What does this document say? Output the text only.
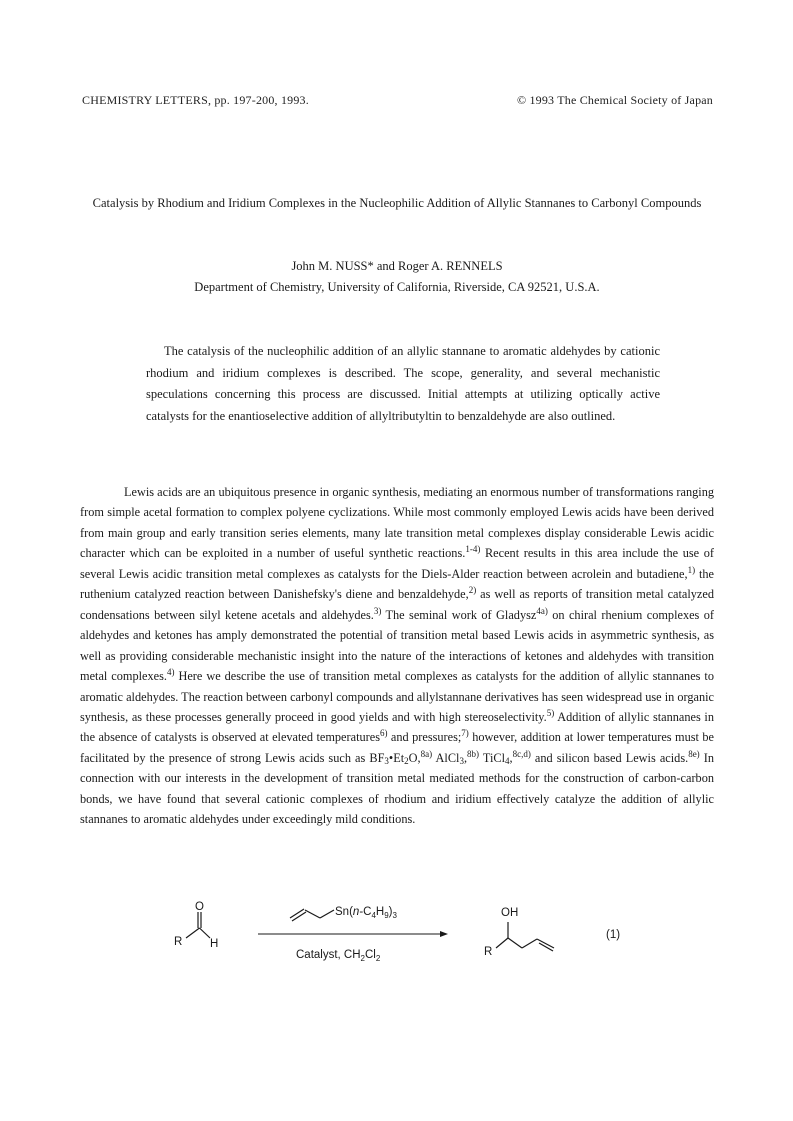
CHEMISTRY LETTERS, pp. 197-200, 1993.	© 1993 The Chemical Society of Japan
Catalysis by Rhodium and Iridium Complexes in the Nucleophilic Addition of Allylic Stannanes to Carbonyl Compounds
John M. NUSS* and Roger A. RENNELS
Department of Chemistry, University of California, Riverside, CA 92521, U.S.A.
The catalysis of the nucleophilic addition of an allylic stannane to aromatic aldehydes by cationic rhodium and iridium complexes is described. The scope, generality, and several mechanistic speculations concerning this process are discussed. Initial attempts at utilizing optically active catalysts for the enantioselective addition of allyltributyltin to benzaldehyde are also outlined.

Lewis acids are an ubiquitous presence in organic synthesis, mediating an enormous number of transformations ranging from simple acetal formation to complex polyene cyclizations. While most commonly employed Lewis acids have been derived from main group and early transition series elements, many late transition metal complexes display considerable Lewis acidic character which can be exploited in a number of useful synthetic reactions.$^{1-4)}$ Recent results in this area include the use of several Lewis acidic transition metal complexes as catalysts for the Diels-Alder reaction between acrolein and butadiene,$^{1)}$ the ruthenium catalyzed reaction between Danishefsky's diene and benzaldehyde,$^{2)}$ as well as reports of transition metal catalyzed condensations between silyl ketene acetals and aldehydes.$^{3)}$ The seminal work of Gladysz$^{4a)}$ on chiral rhenium complexes of aldehydes and ketones has amply demonstrated the potential of transition metal based Lewis acids in asymmetric synthesis, as well as providing considerable mechanistic insight into the nature of the interactions of ketones and aldehydes with transition metal complexes.$^{4)}$ Here we describe the use of transition metal complexes as catalysts for the addition of allylic stannanes to aromatic aldehydes. The reaction between carbonyl compounds and allylstannane derivatives has seen widespread use in organic synthesis, as these processes generally proceed in good yields and with high stereoselectivity.$^{5)}$ Addition of allylic stannanes in the absence of catalysts is observed at elevated temperatures$^{6)}$ and pressures;$^{7)}$ however, addition at lower temperatures must be facilitated by the presence of strong Lewis acids such as $BF_3•Et_2O,^{8a)}$ AlCl$_3$,$^{8b)}$ TiCl$_4$,$^{8c,d)}$ and silicon based Lewis acids.$^{8e)}$ In connection with our interests in the development of transition metal mediated methods for the construction of carbon-carbon bonds, we have found that several cationic complexes of rhodium and iridium effectively catalyze the addition of allylic stannanes to aromatic aldehydes under exceedingly mild conditions.

O
R H
$Sn(n-C_4H_9)_3$
Catalyst, $CH_2Cl_2$
OH
R
(1)
